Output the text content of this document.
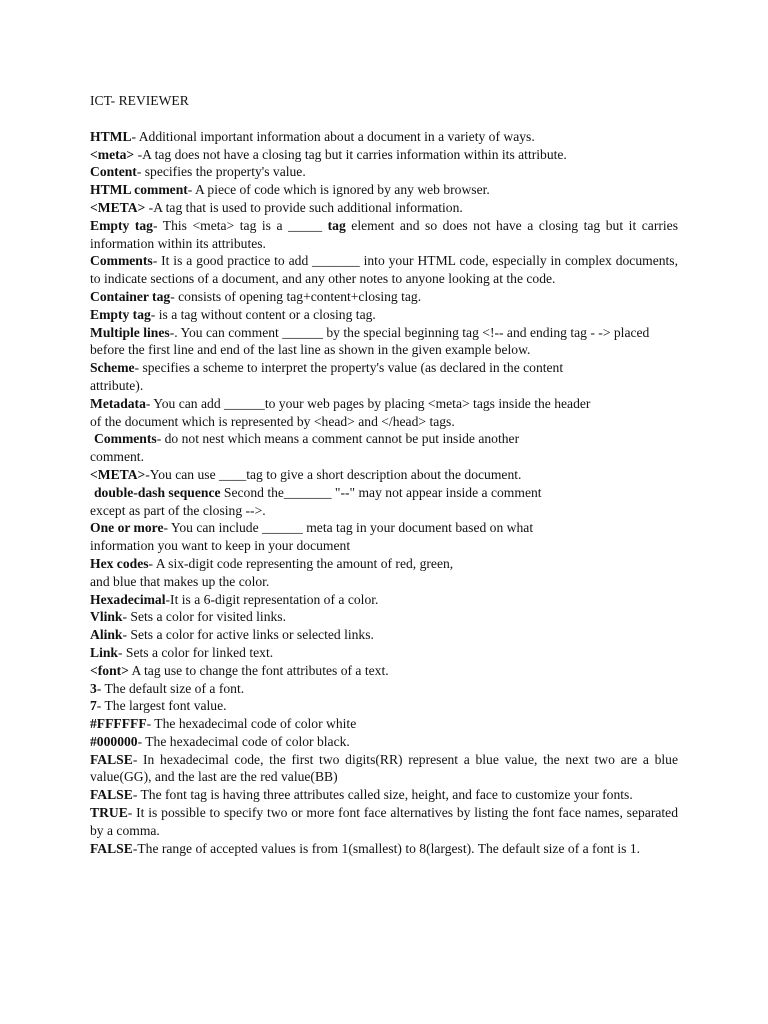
ICT- REVIEWER

HTML- Additional important information about a document in a variety of ways.

<meta> -A tag does not have a closing tag but it carries information within its attribute.

Content- specifies the property's value.

HTML comment- A piece of code which is ignored by any web browser.

<META> -A tag that is used to provide such additional information.

Empty tag- This <meta> tag is a _____ tag element and so does not have a closing tag but it carries information within its attributes.

Comments- It is a good practice to add _______ into your HTML code, especially in complex documents, to indicate sections of a document, and any other notes to anyone looking at the code.

Container tag- consists of opening tag+content+closing tag.

Empty tag- is a tag without content or a closing tag.

Multiple lines-. You can comment ______ by the special beginning tag <!-- and ending tag - -> placed before the first line and end of the last line as shown in the given example below.

Scheme- specifies a scheme to interpret the property's value (as declared in the content attribute).

Metadata- You can add ______to your web pages by placing <meta> tags inside the header of the document which is represented by <head> and </head> tags.

Comments- do not nest which means a comment cannot be put inside another comment.

<META>-You can use ____tag to give a short description about the document.

double-dash sequence Second the_______ "--" may not appear inside a comment except as part of the closing -->.

One or more- You can include ______ meta tag in your document based on what information you want to keep in your document

Hex codes- A six-digit code representing the amount of red, green, and blue that makes up the color.

Hexadecimal-It is a 6-digit representation of a color.

Vlink- Sets a color for visited links.

Alink- Sets a color for active links or selected links.

Link- Sets a color for linked text.

<font> A tag use to change the font attributes of a text.

3- The default size of a font.

7- The largest font value.

#FFFFFF- The hexadecimal code of color white

#000000- The hexadecimal code of color black.

FALSE- In hexadecimal code, the first two digits(RR) represent a blue value, the next two are a blue value(GG), and the last are the red value(BB)

FALSE- The font tag is having three attributes called size, height, and face to customize your fonts.

TRUE- It is possible to specify two or more font face alternatives by listing the font face names, separated by a comma.

FALSE-The range of accepted values is from 1(smallest) to 8(largest). The default size of a font is 1.
